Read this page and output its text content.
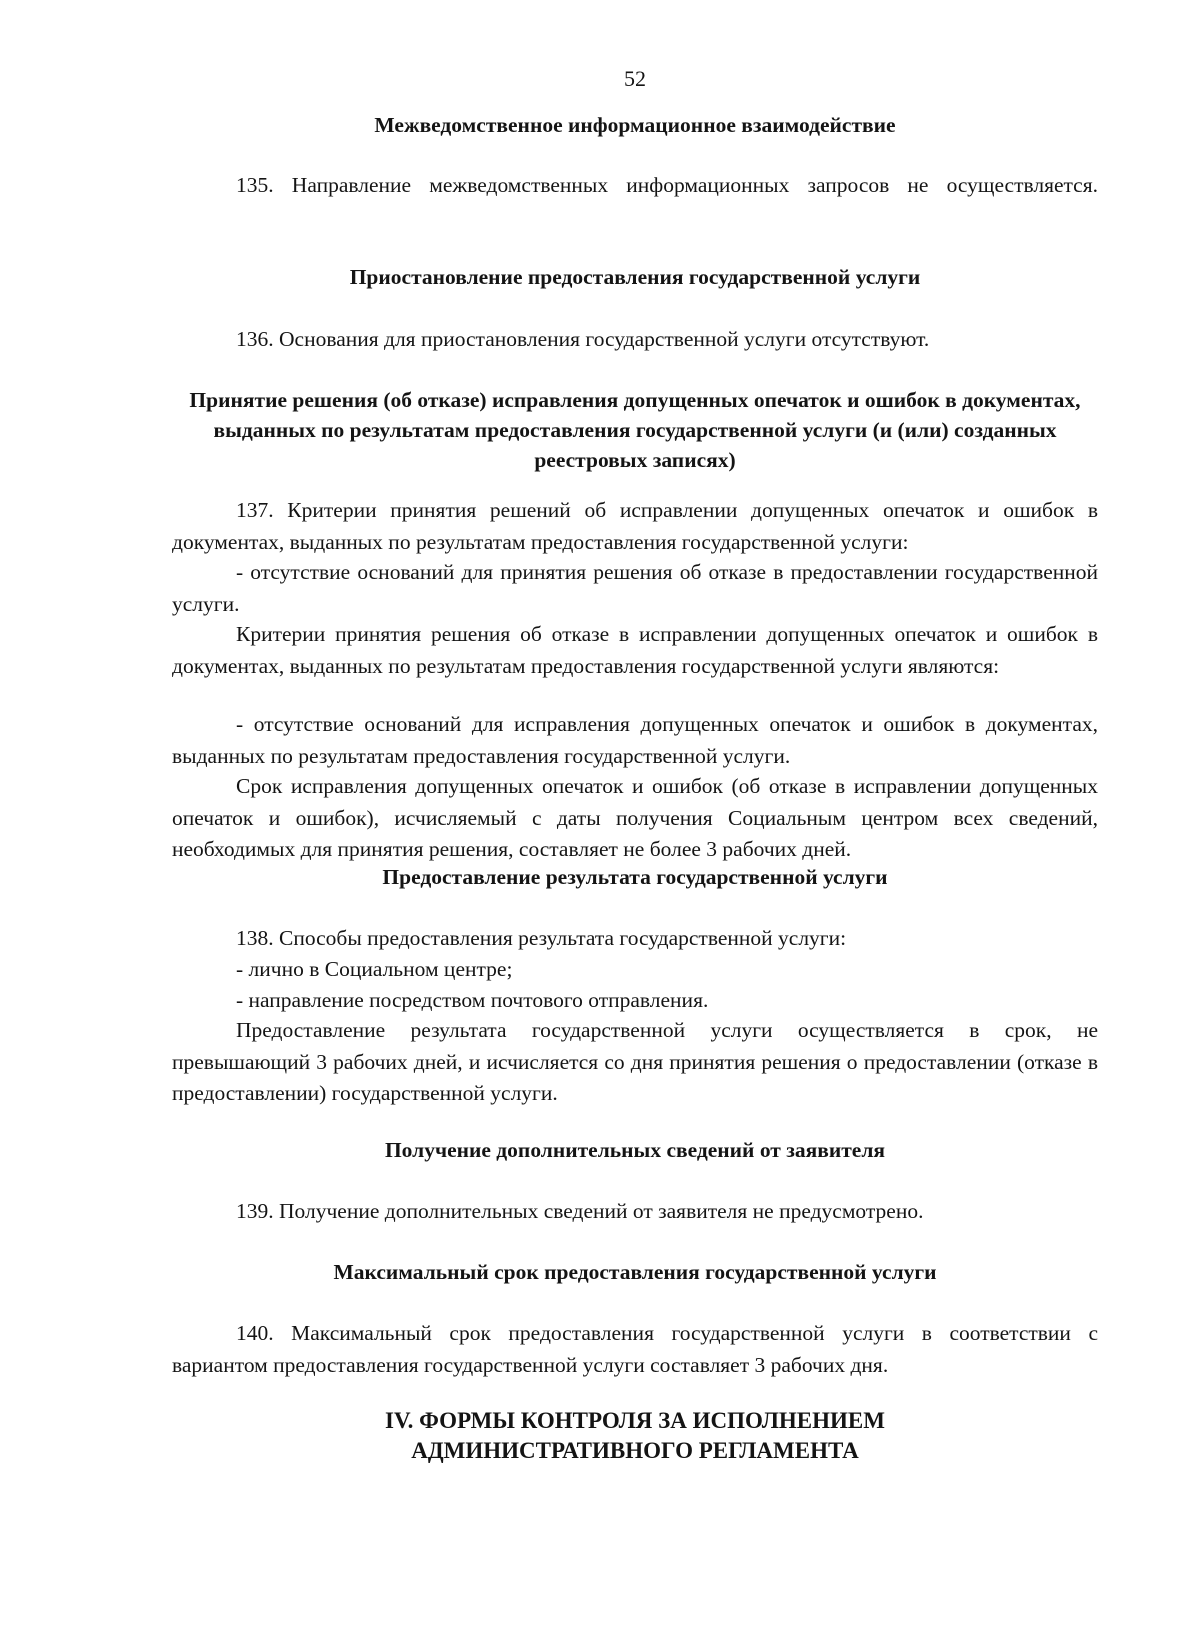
52
Межведомственное информационное взаимодействие
135. Направление межведомственных информационных запросов не осуществляется.
Приостановление предоставления государственной услуги
136. Основания для приостановления государственной услуги отсутствуют.
Принятие решения (об отказе) исправления допущенных опечаток и ошибок в документах, выданных по результатам предоставления государственной услуги (и (или) созданных реестровых записях)
137. Критерии принятия решений об исправлении допущенных опечаток и ошибок в документах, выданных по результатам предоставления государственной услуги:
- отсутствие оснований для принятия решения об отказе в предоставлении государственной услуги.
Критерии принятия решения об отказе в исправлении допущенных опечаток и ошибок в документах, выданных по результатам предоставления государственной услуги являются:
- отсутствие оснований для исправления допущенных опечаток и ошибок в документах, выданных по результатам предоставления государственной услуги.
Срок исправления допущенных опечаток и ошибок (об отказе в исправлении допущенных опечаток и ошибок), исчисляемый с даты получения Социальным центром всех сведений, необходимых для принятия решения, составляет не более 3 рабочих дней.
Предоставление результата государственной услуги
138. Способы предоставления результата государственной услуги:
- лично в Социальном центре;
- направление посредством почтового отправления.
Предоставление результата государственной услуги осуществляется в срок, не превышающий 3 рабочих дней, и исчисляется со дня принятия решения о предоставлении (отказе в предоставлении) государственной услуги.
Получение дополнительных сведений от заявителя
139. Получение дополнительных сведений от заявителя не предусмотрено.
Максимальный срок предоставления государственной услуги
140. Максимальный срок предоставления государственной услуги в соответствии с вариантом предоставления государственной услуги составляет 3 рабочих дня.
IV. ФОРМЫ КОНТРОЛЯ ЗА ИСПОЛНЕНИЕМ
АДМИНИСТРАТИВНОГО РЕГЛАМЕНТА
